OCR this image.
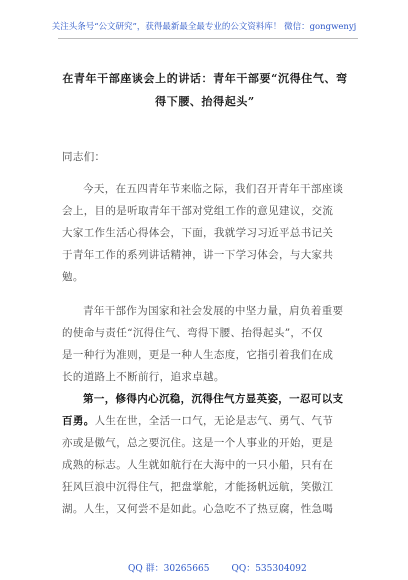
关注头条号“公文研究”，获得最新最全最专业的公文资料库！ 微信：gongwenyj
在青年干部座谈会上的讲话：青年干部要“沉得住气、弯
得下腰、抬得起头”
同志们：
今天，在五四青年节来临之际，我们召开青年干部座谈
会上，目的是听取青年干部对党组工作的意见建议，交流
大家工作生活心得体会，下面，我就学习习近平总书记关
于青年工作的系列讲话精神，讲一下学习体会，与大家共
勉。
青年干部作为国家和社会发展的中坚力量，肩负着重要
的使命与责任“沉得住气、弯得下腰、抬得起头”，不仅
是一种行为准则，更是一种人生态度，它指引着我们在成
长的道路上不断前行，追求卓越。
第一，修得内心沉稳，沉得住气方显英姿，一忍可以支
百勇。人生在世，全活一口气，无论是志气、勇气、气节
亦或是傲气，总之要沉住。这是一个人事业的开始，更是
成熟的标志。人生就如航行在大海中的一只小船，只有在
狂风巨浪中沉得住气，把盘掌舵，才能扬帆远航，笑傲江
湖。人生，又何尝不是如此。心急吃不了热豆腐，性急喝
QQ 群：30265665 QQ：535304092
